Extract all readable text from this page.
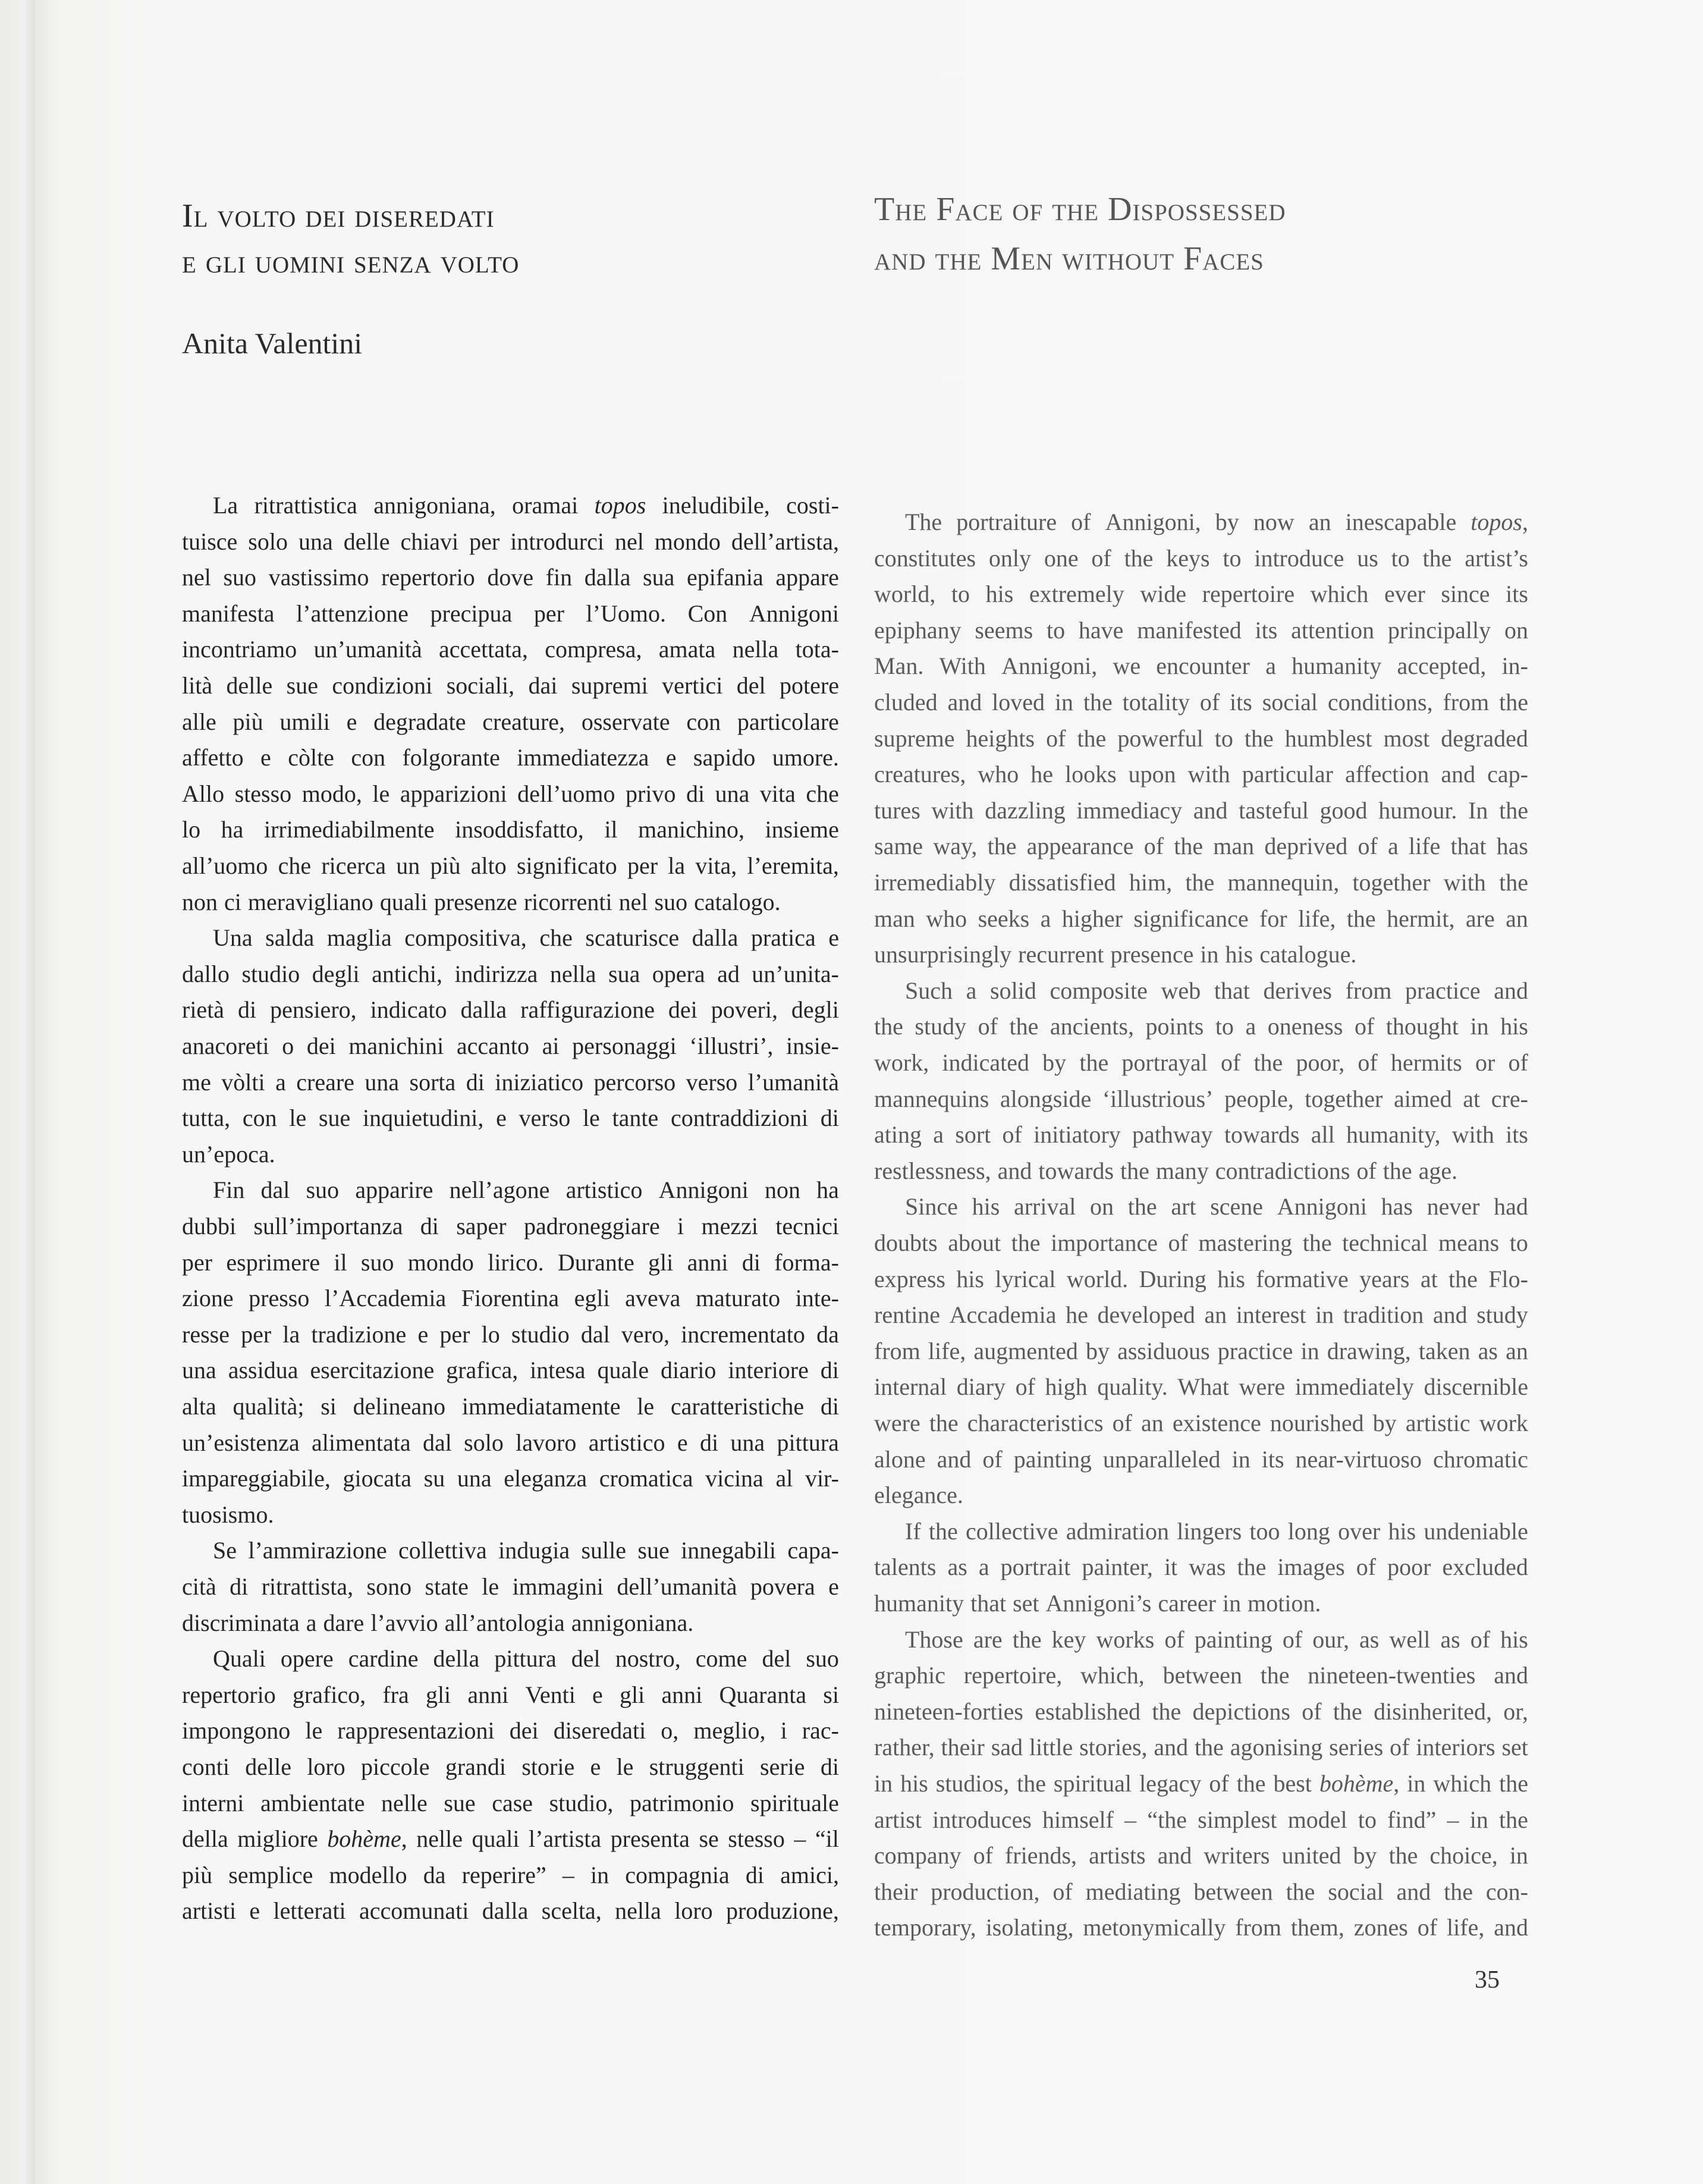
Il volto dei diseredati
e gli uomini senza volto
Anita Valentini
La ritrattistica annigoniana, oramai topos ineludibile, costi-
tuisce solo una delle chiavi per introdurci nel mondo dell’artista,
nel suo vastissimo repertorio dove fin dalla sua epifania appare
manifesta l’attenzione precipua per l’Uomo. Con Annigoni
incontriamo un’umanità accettata, compresa, amata nella tota-
lità delle sue condizioni sociali, dai supremi vertici del potere
alle più umili e degradate creature, osservate con particolare
affetto e còlte con folgorante immediatezza e sapido umore.
Allo stesso modo, le apparizioni dell’uomo privo di una vita che
lo ha irrimediabilmente insoddisfatto, il manichino, insieme
all’uomo che ricerca un più alto significato per la vita, l’eremita,
non ci meravigliano quali presenze ricorrenti nel suo catalogo.
Una salda maglia compositiva, che scaturisce dalla pratica e
dallo studio degli antichi, indirizza nella sua opera ad un’unita-
rietà di pensiero, indicato dalla raffigurazione dei poveri, degli
anacoreti o dei manichini accanto ai personaggi ‘illustri’, insie-
me vòlti a creare una sorta di iniziatico percorso verso l’umanità
tutta, con le sue inquietudini, e verso le tante contraddizioni di
un’epoca.
Fin dal suo apparire nell’agone artistico Annigoni non ha
dubbi sull’importanza di saper padroneggiare i mezzi tecnici
per esprimere il suo mondo lirico. Durante gli anni di forma-
zione presso l’Accademia Fiorentina egli aveva maturato inte-
resse per la tradizione e per lo studio dal vero, incrementato da
una assidua esercitazione grafica, intesa quale diario interiore di
alta qualità; si delineano immediatamente le caratteristiche di
un’esistenza alimentata dal solo lavoro artistico e di una pittura
impareggiabile, giocata su una eleganza cromatica vicina al vir-
tuosismo.
Se l’ammirazione collettiva indugia sulle sue innegabili capa-
cità di ritrattista, sono state le immagini dell’umanità povera e
discriminata a dare l’avvio all’antologia annigoniana.
Quali opere cardine della pittura del nostro, come del suo
repertorio grafico, fra gli anni Venti e gli anni Quaranta si
impongono le rappresentazioni dei diseredati o, meglio, i rac-
conti delle loro piccole grandi storie e le struggenti serie di
interni ambientate nelle sue case studio, patrimonio spirituale
della migliore bohème, nelle quali l’artista presenta se stesso – “il
più semplice modello da reperire” – in compagnia di amici,
artisti e letterati accomunati dalla scelta, nella loro produzione,
The Face of the Dispossessed
and the Men without Faces
The portraiture of Annigoni, by now an inescapable topos,
constitutes only one of the keys to introduce us to the artist’s
world, to his extremely wide repertoire which ever since its
epiphany seems to have manifested its attention principally on
Man. With Annigoni, we encounter a humanity accepted, in-
cluded and loved in the totality of its social conditions, from the
supreme heights of the powerful to the humblest most degraded
creatures, who he looks upon with particular affection and cap-
tures with dazzling immediacy and tasteful good humour. In the
same way, the appearance of the man deprived of a life that has
irremediably dissatisfied him, the mannequin, together with the
man who seeks a higher significance for life, the hermit, are an
unsurprisingly recurrent presence in his catalogue.
Such a solid composite web that derives from practice and
the study of the ancients, points to a oneness of thought in his
work, indicated by the portrayal of the poor, of hermits or of
mannequins alongside ‘illustrious’ people, together aimed at cre-
ating a sort of initiatory pathway towards all humanity, with its
restlessness, and towards the many contradictions of the age.
Since his arrival on the art scene Annigoni has never had
doubts about the importance of mastering the technical means to
express his lyrical world. During his formative years at the Flo-
rentine Accademia he developed an interest in tradition and study
from life, augmented by assiduous practice in drawing, taken as an
internal diary of high quality. What were immediately discernible
were the characteristics of an existence nourished by artistic work
alone and of painting unparalleled in its near-virtuoso chromatic
elegance.
If the collective admiration lingers too long over his undeniable
talents as a portrait painter, it was the images of poor excluded
humanity that set Annigoni’s career in motion.
Those are the key works of painting of our, as well as of his
graphic repertoire, which, between the nineteen-twenties and
nineteen-forties established the depictions of the disinherited, or,
rather, their sad little stories, and the agonising series of interiors set
in his studios, the spiritual legacy of the best bohème, in which the
artist introduces himself – “the simplest model to find” – in the
company of friends, artists and writers united by the choice, in
their production, of mediating between the social and the con-
temporary, isolating, metonymically from them, zones of life, and
35
